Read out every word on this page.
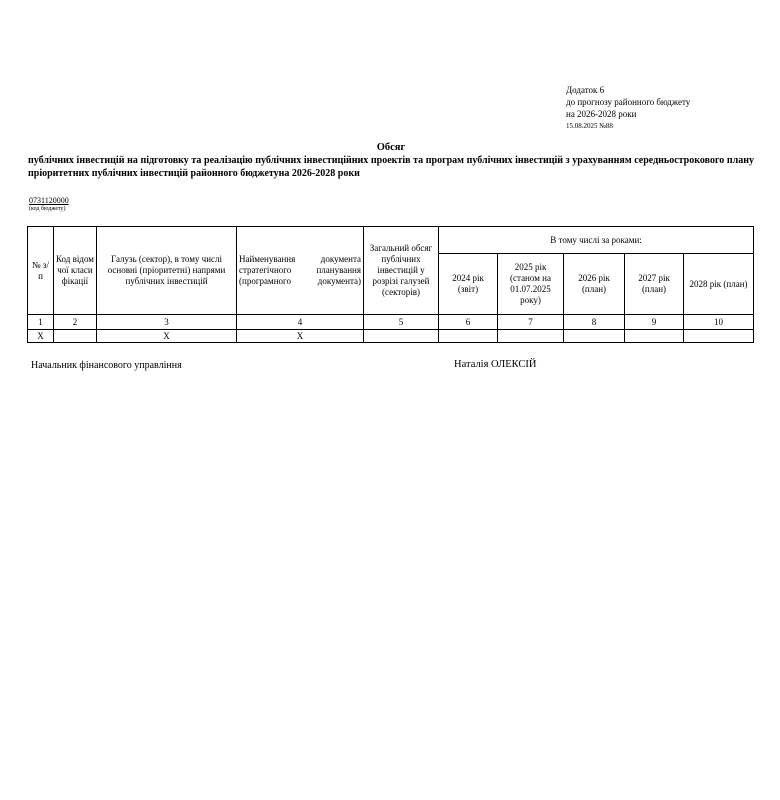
Додаток 6
до прогнозу районного бюджету
на 2026-2028 роки
15.08.2025 №88
Обсяг
публічних інвестицій на підготовку та реалізацію публічних інвестиційних проектів та програм публічних інвестицій з урахуванням середньострокового плану пріоритетних публічних інвестицій районного бюджетуна 2026-2028 роки
0731120000
(код бюджету)
№ з/п	Код відомчої класифікації	Галузь (сектор), в тому числі основні (пріоритетні) напрями публічних інвестицій	Найменування документа стратегічного планування (програмного документа)	Загальний обсяг публічних інвестицій у розрізі галузей (секторів)	В тому числі за роками:				
					2024 рік (звіт)	2025 рік (станом на 01.07.2025 року)	2026 рік (план)	2027 рік (план)	2028 рік (план)
1	2	3	4	5	6	7	8	9	10
Х		Х	Х						
Начальник фінансового управління	Наталія ОЛЕКСІЙ
